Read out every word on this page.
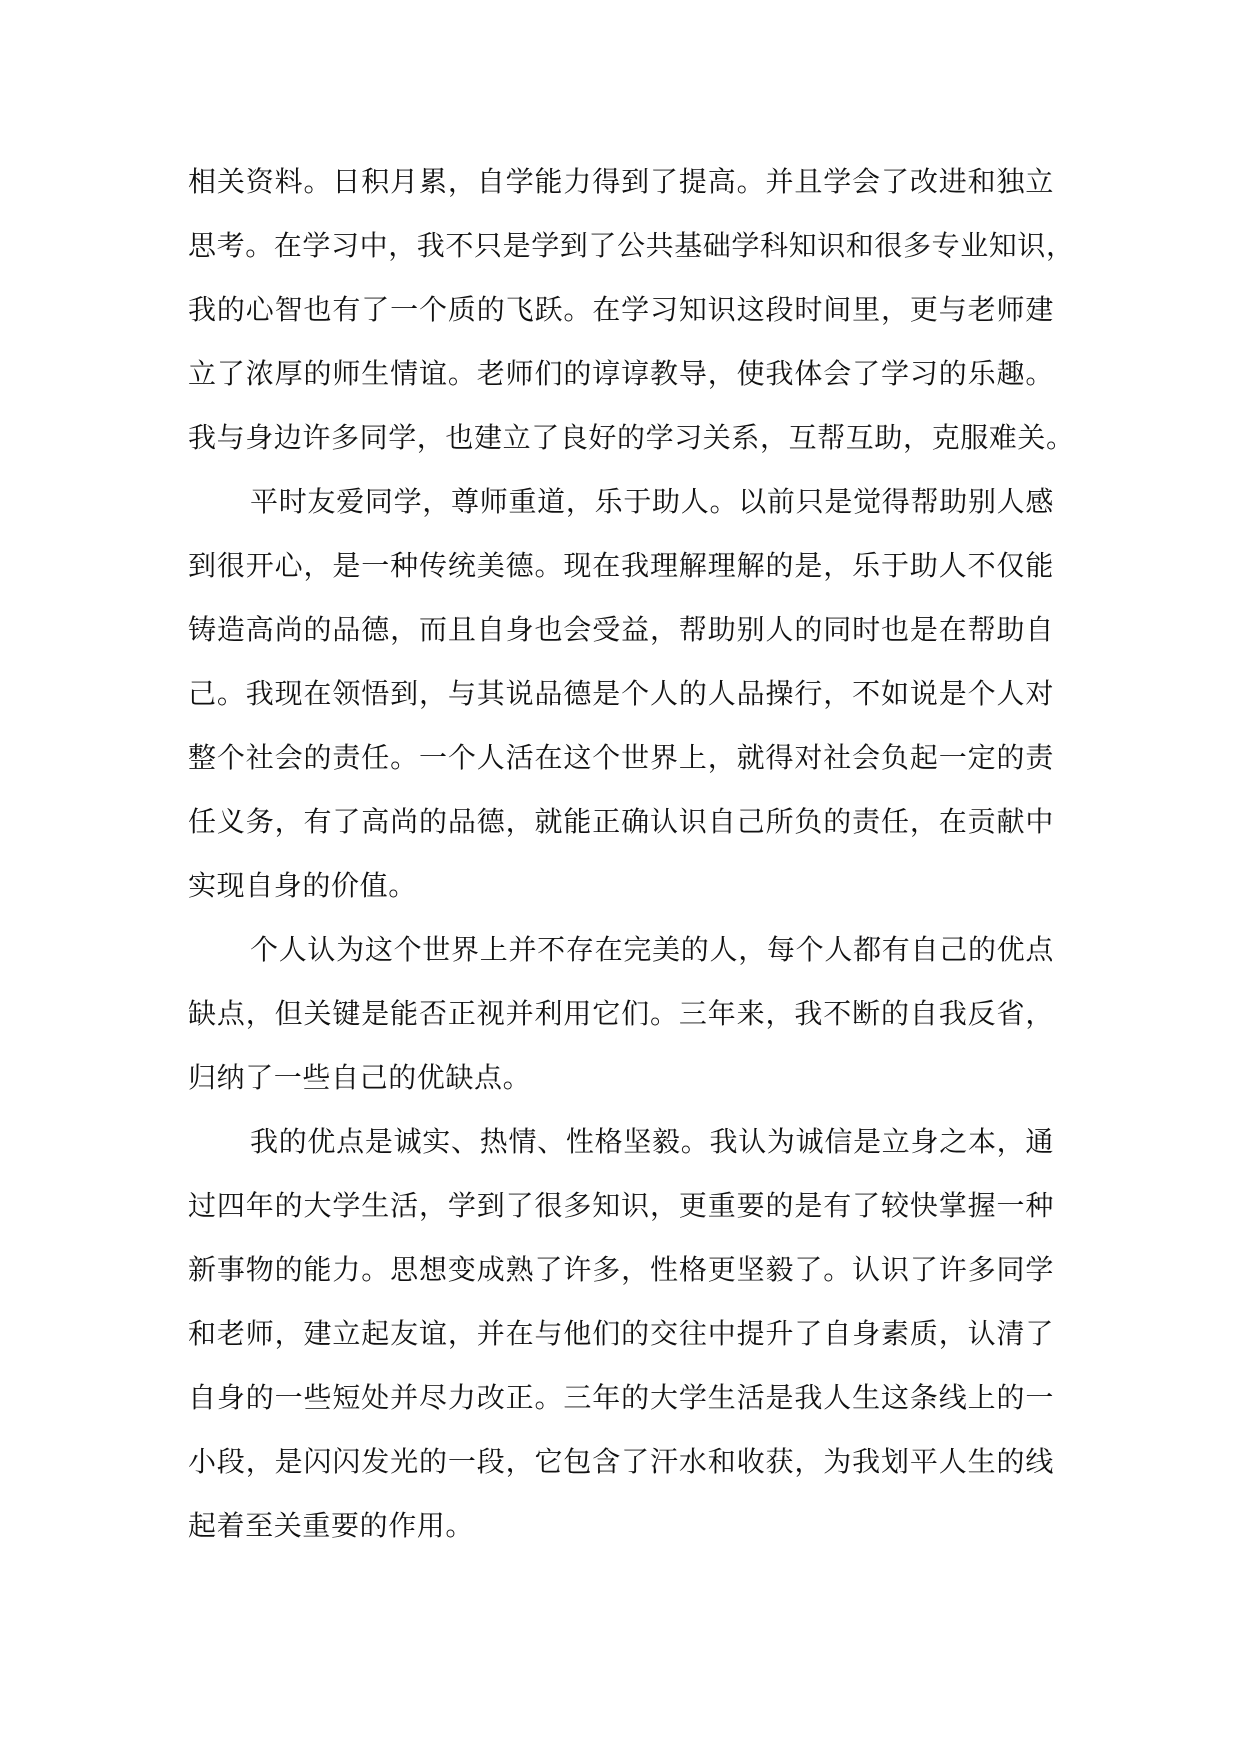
相关资料。日积月累，自学能力得到了提高。并且学会了改进和独立
思考。在学习中，我不只是学到了公共基础学科知识和很多专业知识，
我的心智也有了一个质的飞跃。在学习知识这段时间里，更与老师建
立了浓厚的师生情谊。老师们的谆谆教导，使我体会了学习的乐趣。
我与身边许多同学，也建立了良好的学习关系，互帮互助，克服难关。
平时友爱同学，尊师重道，乐于助人。以前只是觉得帮助别人感
到很开心，是一种传统美德。现在我理解理解的是，乐于助人不仅能
铸造高尚的品德，而且自身也会受益，帮助别人的同时也是在帮助自
己。我现在领悟到，与其说品德是个人的人品操行，不如说是个人对
整个社会的责任。一个人活在这个世界上，就得对社会负起一定的责
任义务，有了高尚的品德，就能正确认识自己所负的责任，在贡献中
实现自身的价值。
个人认为这个世界上并不存在完美的人，每个人都有自己的优点
缺点，但关键是能否正视并利用它们。三年来，我不断的自我反省，
归纳了一些自己的优缺点。
我的优点是诚实、热情、性格坚毅。我认为诚信是立身之本，通
过四年的大学生活，学到了很多知识，更重要的是有了较快掌握一种
新事物的能力。思想变成熟了许多，性格更坚毅了。认识了许多同学
和老师，建立起友谊，并在与他们的交往中提升了自身素质，认清了
自身的一些短处并尽力改正。三年的大学生活是我人生这条线上的一
小段，是闪闪发光的一段，它包含了汗水和收获，为我划平人生的线
起着至关重要的作用。
